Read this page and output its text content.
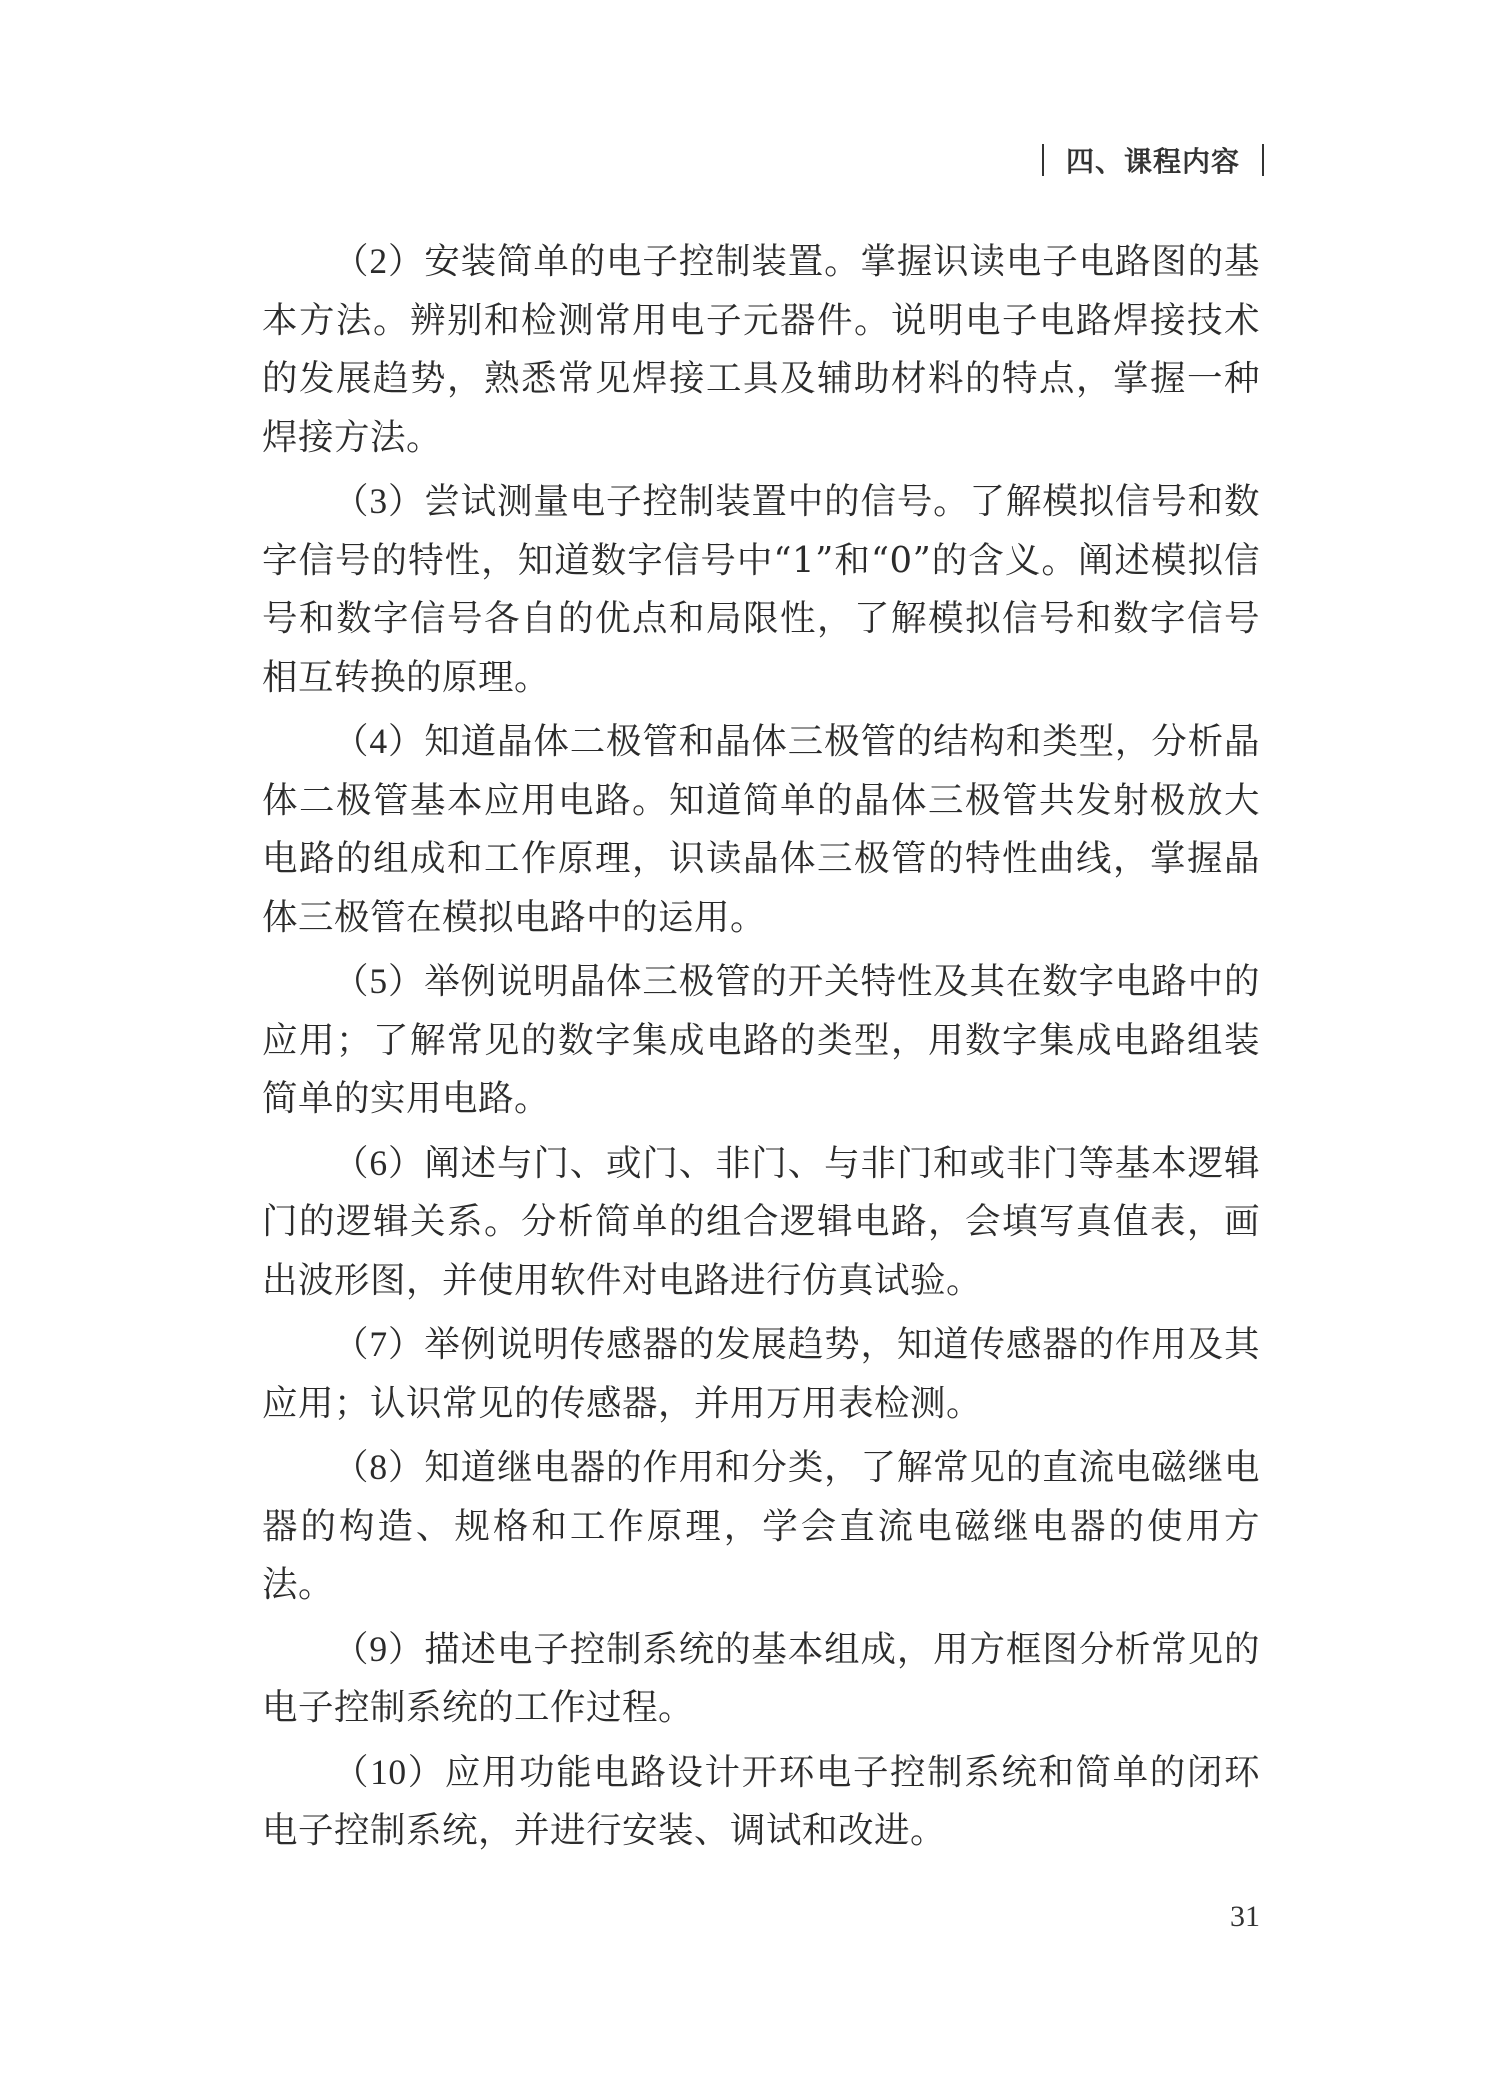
四、课程内容

（2）安装简单的电子控制装置。掌握识读电子电路图的基本方法。辨别和检测常用电子元器件。说明电子电路焊接技术的发展趋势，熟悉常见焊接工具及辅助材料的特点，掌握一种焊接方法。

（3）尝试测量电子控制装置中的信号。了解模拟信号和数字信号的特性，知道数字信号中“1”和“0”的含义。阐述模拟信号和数字信号各自的优点和局限性，了解模拟信号和数字信号相互转换的原理。

（4）知道晶体二极管和晶体三极管的结构和类型，分析晶体二极管基本应用电路。知道简单的晶体三极管共发射极放大电路的组成和工作原理，识读晶体三极管的特性曲线，掌握晶体三极管在模拟电路中的运用。

（5）举例说明晶体三极管的开关特性及其在数字电路中的应用；了解常见的数字集成电路的类型，用数字集成电路组装简单的实用电路。

（6）阐述与门、或门、非门、与非门和或非门等基本逻辑门的逻辑关系。分析简单的组合逻辑电路，会填写真值表，画出波形图，并使用软件对电路进行仿真试验。

（7）举例说明传感器的发展趋势，知道传感器的作用及其应用；认识常见的传感器，并用万用表检测。

（8）知道继电器的作用和分类，了解常见的直流电磁继电器的构造、规格和工作原理，学会直流电磁继电器的使用方法。

（9）描述电子控制系统的基本组成，用方框图分析常见的电子控制系统的工作过程。

（10）应用功能电路设计开环电子控制系统和简单的闭环电子控制系统，并进行安装、调试和改进。

31
